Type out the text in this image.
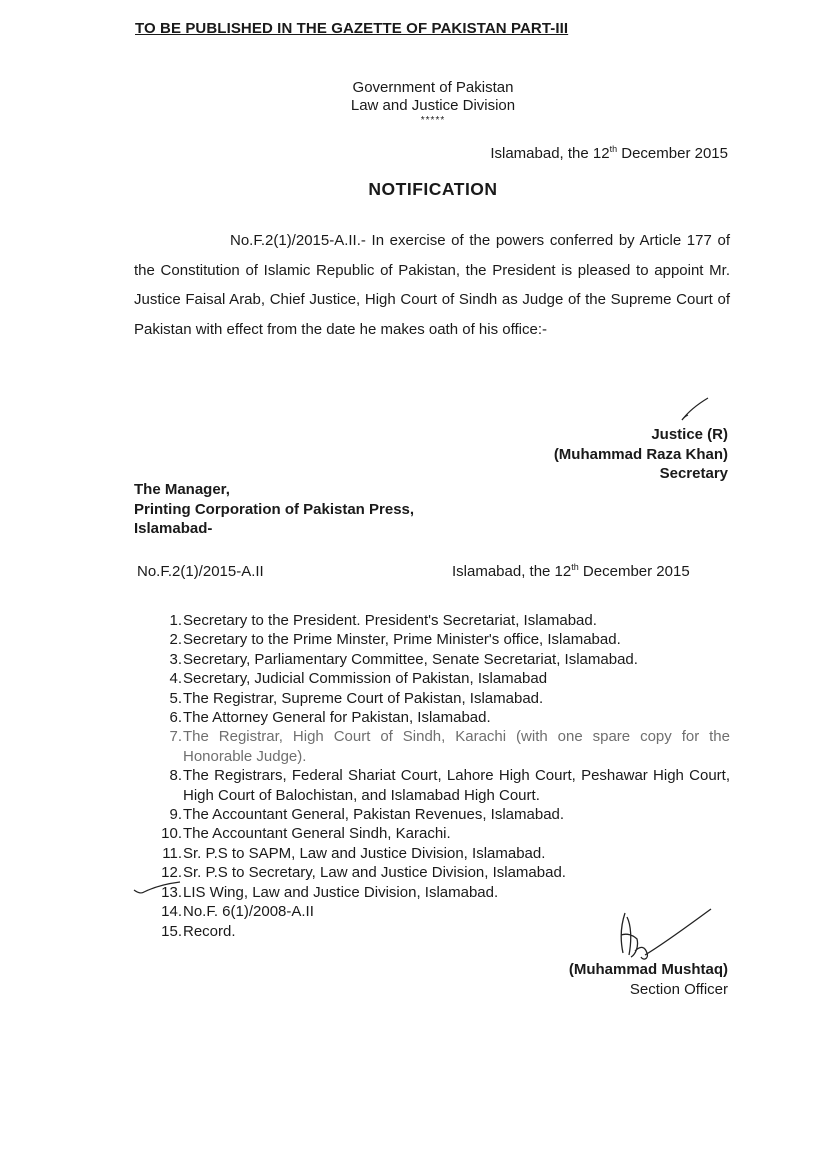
TO BE PUBLISHED IN THE GAZETTE OF PAKISTAN PART-III
Government of Pakistan
Law and Justice Division
*****
Islamabad, the 12th December 2015
NOTIFICATION
No.F.2(1)/2015-A.II.- In exercise of the powers conferred by Article 177 of the Constitution of Islamic Republic of Pakistan, the President is pleased to appoint Mr. Justice Faisal Arab, Chief Justice, High Court of Sindh as Judge of the Supreme Court of Pakistan with effect from the date he makes oath of his office:-
Justice (R)
(Muhammad Raza Khan)
Secretary
The Manager,
Printing Corporation of Pakistan Press,
Islamabad-
No.F.2(1)/2015-A.II	Islamabad, the 12th December 2015
1. Secretary to the President. President's Secretariat, Islamabad.
2. Secretary to the Prime Minster, Prime Minister's office, Islamabad.
3. Secretary, Parliamentary Committee, Senate Secretariat, Islamabad.
4. Secretary, Judicial Commission of Pakistan, Islamabad
5. The Registrar, Supreme Court of Pakistan, Islamabad.
6. The Attorney General for Pakistan, Islamabad.
7. The Registrar, High Court of Sindh, Karachi (with one spare copy for the Honorable Judge).
8. The Registrars, Federal Shariat Court, Lahore High Court, Peshawar High Court, High Court of Balochistan, and Islamabad High Court.
9. The Accountant General, Pakistan Revenues, Islamabad.
10. The Accountant General Sindh, Karachi.
11. Sr. P.S to SAPM, Law and Justice Division, Islamabad.
12. Sr. P.S to Secretary, Law and Justice Division, Islamabad.
13. LIS Wing, Law and Justice Division, Islamabad.
14. No.F. 6(1)/2008-A.II
15. Record.
(Muhammad Mushtaq)
Section Officer
